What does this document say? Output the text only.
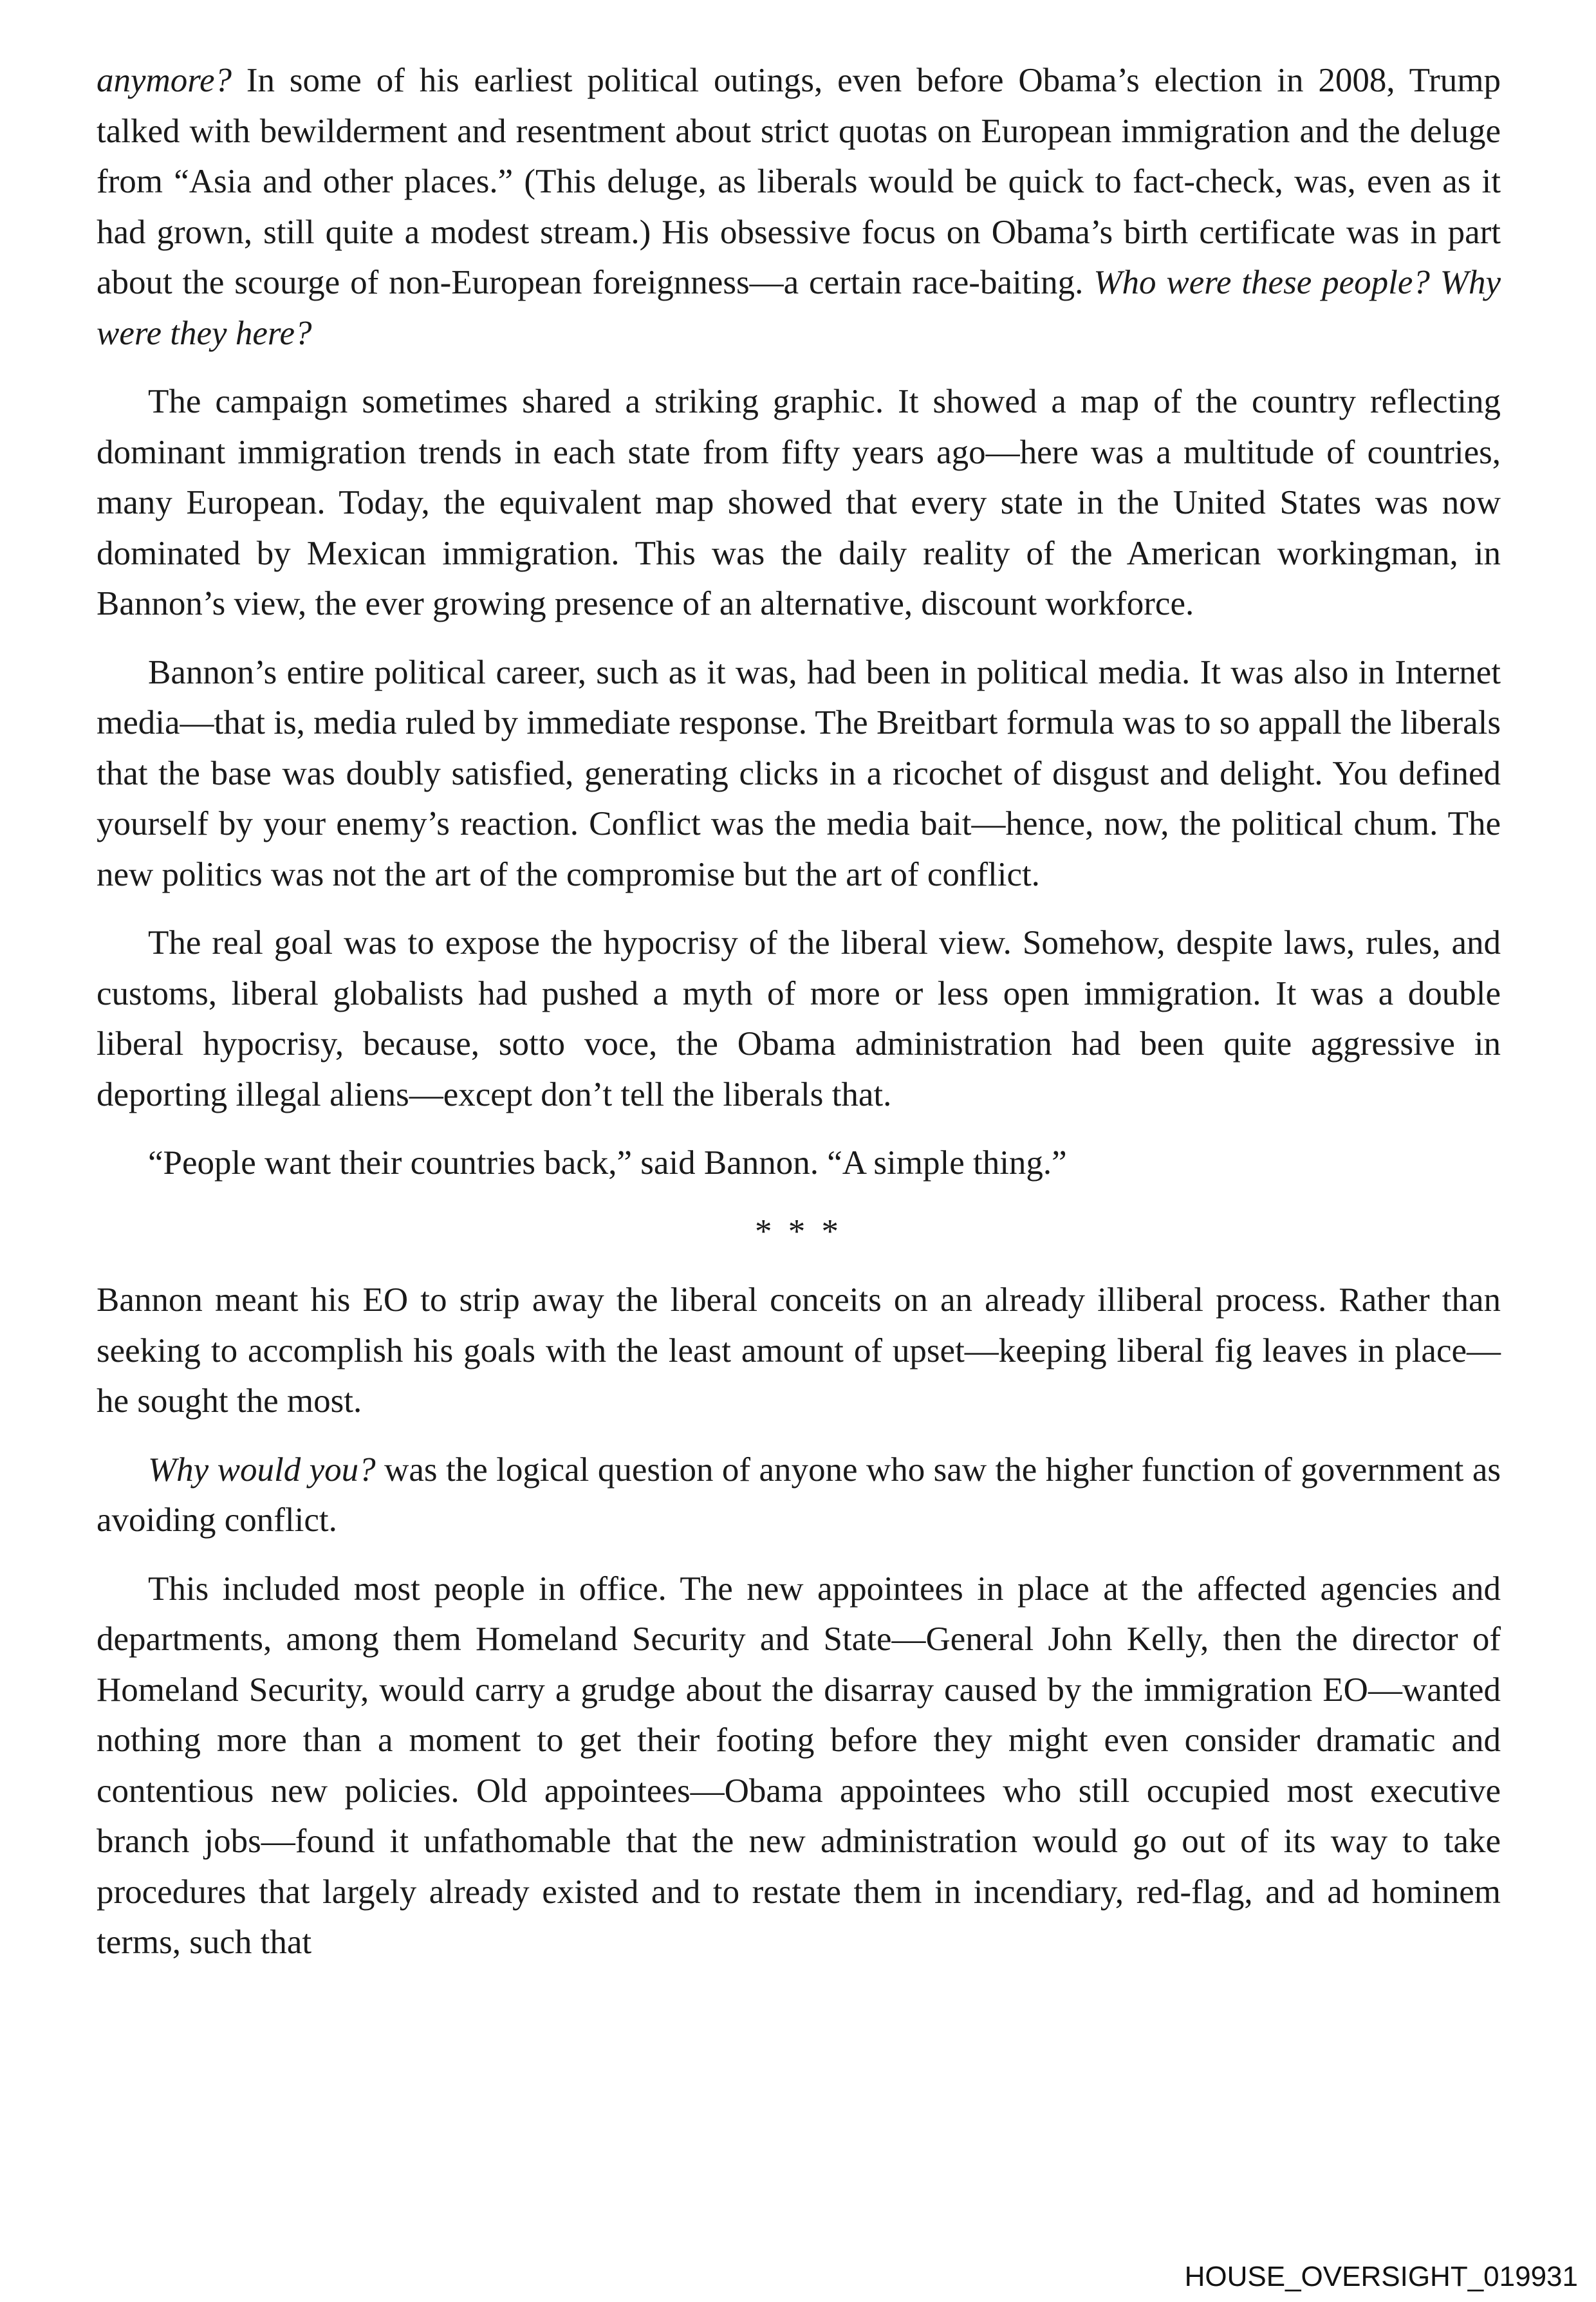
anymore? In some of his earliest political outings, even before Obama’s election in 2008, Trump talked with bewilderment and resentment about strict quotas on European immigration and the deluge from “Asia and other places.” (This deluge, as liberals would be quick to fact-check, was, even as it had grown, still quite a modest stream.) His obsessive focus on Obama’s birth certificate was in part about the scourge of non-European foreignness—a certain race-baiting. Who were these people? Why were they here?

The campaign sometimes shared a striking graphic. It showed a map of the country reflecting dominant immigration trends in each state from fifty years ago—here was a multitude of countries, many European. Today, the equivalent map showed that every state in the United States was now dominated by Mexican immigration. This was the daily reality of the American workingman, in Bannon’s view, the ever growing presence of an alternative, discount workforce.

Bannon’s entire political career, such as it was, had been in political media. It was also in Internet media—that is, media ruled by immediate response. The Breitbart formula was to so appall the liberals that the base was doubly satisfied, generating clicks in a ricochet of disgust and delight. You defined yourself by your enemy’s reaction. Conflict was the media bait—hence, now, the political chum. The new politics was not the art of the compromise but the art of conflict.

The real goal was to expose the hypocrisy of the liberal view. Somehow, despite laws, rules, and customs, liberal globalists had pushed a myth of more or less open immigration. It was a double liberal hypocrisy, because, sotto voce, the Obama administration had been quite aggressive in deporting illegal aliens—except don’t tell the liberals that.

“People want their countries back,” said Bannon. “A simple thing.”

* * *

Bannon meant his EO to strip away the liberal conceits on an already illiberal process. Rather than seeking to accomplish his goals with the least amount of upset—keeping liberal fig leaves in place—he sought the most.

Why would you? was the logical question of anyone who saw the higher function of government as avoiding conflict.

This included most people in office. The new appointees in place at the affected agencies and departments, among them Homeland Security and State—General John Kelly, then the director of Homeland Security, would carry a grudge about the disarray caused by the immigration EO—wanted nothing more than a moment to get their footing before they might even consider dramatic and contentious new policies. Old appointees—Obama appointees who still occupied most executive branch jobs—found it unfathomable that the new administration would go out of its way to take procedures that largely already existed and to restate them in incendiary, red-flag, and ad hominem terms, such that

HOUSE_OVERSIGHT_019931
